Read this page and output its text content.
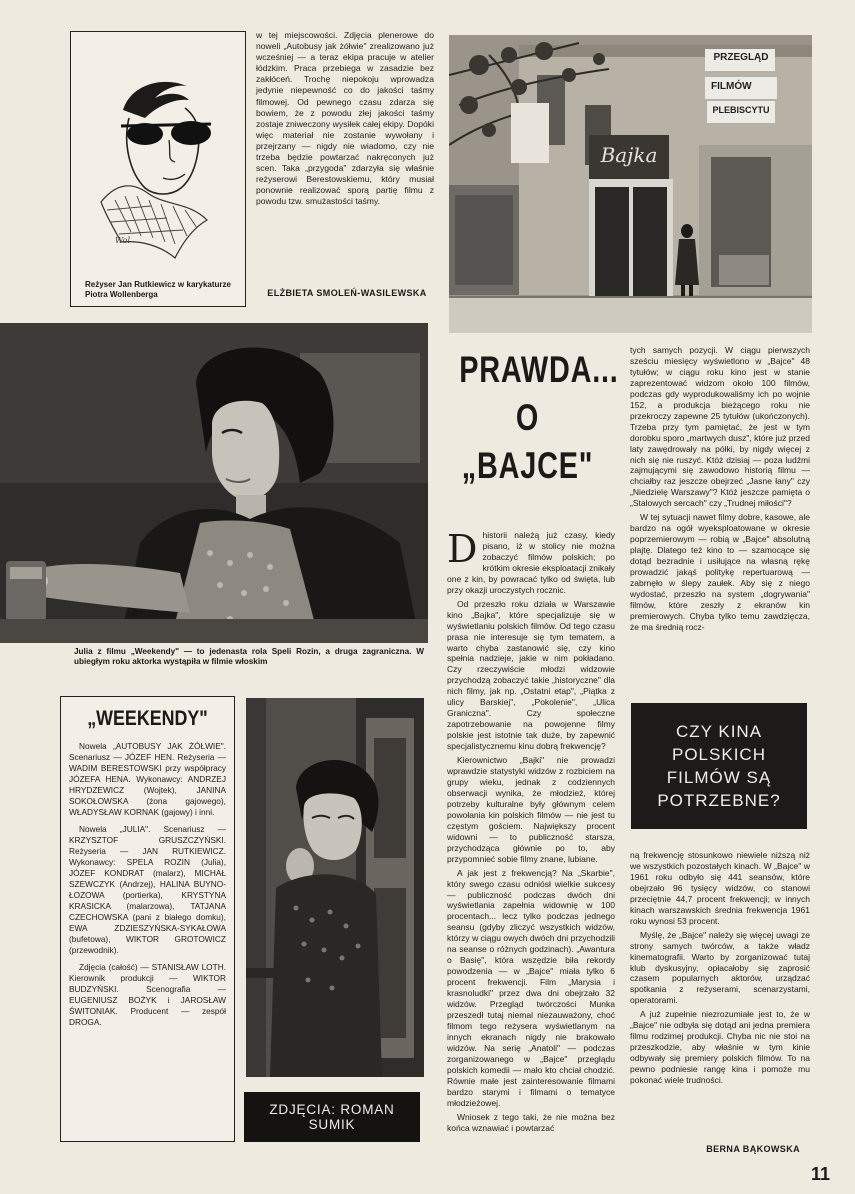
Wol
Reżyser Jan Rutkiewicz w karykaturze Piotra Wollenberga

w tej miejscowości. Zdjęcia plenerowe do noweli „Autobusy jak żółwie" zrealizowano już wcześniej — a teraz ekipa pracuje w atelier łódzkim. Praca przebiega w zasadzie bez zakłóceń. Trochę niepokoju wprowadza jedynie niepewność co do jakości taśmy filmowej. Od pewnego czasu zdarza się bowiem, że z powodu złej jakości taśmy zostaje zniweczony wysiłek całej ekipy. Dopóki więc materiał nie zostanie wywołany i przejrzany — nigdy nie wiadomo, czy nie trzeba będzie powtarzać nakręconych już scen. Taka „przygoda" zdarzyła się właśnie reżyserowi Berestowskiemu, który musiał ponownie realizować sporą partię filmu z powodu tzw. smużastości taśmy.

ELŻBIETA SMOLEŃ-WASILEWSKA
PRZEGLĄD
FILMÓW
PLEBISCYTU
Bajka
Julia z filmu „Weekendy" — to jedenasta rola Speli Rozin, a druga zagraniczna. W ubiegłym roku aktorka wystąpiła w filmie włoskim
„WEEKENDY"

Nowela „AUTOBUSY JAK ŻÓŁWIE". Scenariusz — JÓZEF HEN. Reżyseria — WADIM BERESTOWSKI przy współpracy JÓZEFA HENA. Wykonawcy: ANDRZEJ HRYDZEWICZ (Wojtek), JANINA SOKOŁOWSKA (żona gajowego), WŁADYSŁAW KORNAK (gajowy) i inni.

Nowela „JULIA". Scenariusz — KRZYSZTOF GRUSZCZYŃSKI. Reżyseria — JAN RUTKIEWICZ. Wykonawcy: SPELA ROZIN (Julia), JÓZEF KONDRAT (malarz), MICHAŁ SZEWCZYK (Andrzej), HALINA BUYNO-ŁOZOWA (portierka), KRYSTYNA KRASICKA (malarzowa), TATJANA CZECHOWSKA (pani z białego domku), EWA ZDZIESZYŃSKA-SYKAŁOWA (bufetowa), WIKTOR GROTOWICZ (przewodnik).

Zdjęcia (całość) — STANISŁAW LOTH. Kierownik produkcji — WIKTOR BUDZYŃSKI. Scenografia — EUGENIUSZ BOŻYK i JAROSŁAW ŚWITONIAK. Producent — zespół DROGA.

ZDJĘCIA: ROMAN SUMIK
PRAWDA...
O
„BAJCE"

Dhistorii należą już czasy, kiedy pisano, iż w stolicy nie można zobaczyć filmów polskich; po krótkim okresie eksploatacji znikały one z kin, by powracać tylko od święta, lub przy okazji uroczystych rocznic.

Od przeszło roku działa w Warszawie kino „Bajka", które specjalizuje się w wyświetlaniu polskich filmów. Od tego czasu prasa nie interesuje się tym tematem, a warto chyba zastanowić się, czy kino spełnia nadzieje, jakie w nim pokładano. Czy rzeczywiście młodzi widzowie przychodzą zobaczyć takie „historyczne" dla nich filmy, jak np. „Ostatni etap", „Piątka z ulicy Barskiej", „Pokolenie", „Ulica Graniczna". Czy społeczne zapotrzebowanie na powojenne filmy polskie jest istotnie tak duże, by zapewnić specjalistycznemu kinu dobrą frekwencję?

Kierownictwo „Bajki" nie prowadzi wprawdzie statystyki widzów z rozbiciem na grupy wieku, jednak z codziennych obserwacji wynika, że młodzież, której potrzeby kulturalne były głównym celem powołania kin polskich filmów — nie jest tu częstym gościem. Największy procent widowni — to publiczność starsza, przychodząca głównie po to, aby przypomnieć sobie filmy znane, lubiane.

A jak jest z frekwencją? Na „Skarbie", który swego czasu odniósł wielkie sukcesy — publiczność podczas dwóch dni wyświetlania zapełnia widownię w 100 procentach... lecz tylko podczas jednego seansu (gdyby zliczyć wszystkich widzów, którzy w ciągu owych dwóch dni przychodzili na seanse o różnych godzinach). „Awantura o Basię", która wszędzie biła rekordy powodzenia — w „Bajce" miała tylko 6 procent frekwencji. Film „Marysia i krasnoludki" przez dwa dni obejrzało 32 widzów. Przegląd twórczości Munka przeszedł tutaj niemal niezauważony, choć filmom tego reżysera wyświetlanym na innych ekranach nigdy nie brakowało widzów. Na serię „Anatoli" — podczas zorganizowanego w „Bajce" przeglądu polskich komedii — mało kto chciał chodzić. Równie małe jest zainteresowanie filmami bardzo starymi i filmami o tematyce młodzieżowej.

Wniosek z tego taki, że nie można bez końca wznawiać i powtarzać

tych samych pozycji. W ciągu pierwszych sześciu miesięcy wyświetlono w „Bajce" 48 tytułów; w ciągu roku kino jest w stanie zaprezentować widzom około 100 filmów, podczas gdy wyprodukowaliśmy ich po wojnie 152, a produkcja bieżącego roku nie przekroczy zapewne 25 tytułów (ukończonych). Trzeba przy tym pamiętać, że jest w tym dorobku sporo „martwych dusz", które już przed laty zawędrowały na półki, by nigdy więcej z nich się nie ruszyć. Któż dzisiaj — poza ludźmi zajmującymi się zawodowo historią filmu — chciałby raz jeszcze obejrzeć „Jasne łany" czy „Niedzielę Warszawy"? Któż jeszcze pamięta o „Stalowych sercach" czy „Trudnej miłości"?

W tej sytuacji nawet filmy dobre, kasowe, ale bardzo na ogół wyeksploatowane w okresie poprzemierowym — robią w „Bajce" absolutną plajtę. Dlatego też kino to — szamocące się dotąd bezradnie i usiłujące na własną rękę prowadzić jakąś politykę repertuarową — zabrnęło w ślepy zaułek. Aby się z niego wydostać, przeszło na system „dogrywania" filmów, które zeszły z ekranów kin premierowych. Chyba tylko temu zawdzięcza, że ma średnią rocz-

CZY KINA POLSKICH FILMÓW SĄ POTRZEBNE?

ną frekwencję stosunkowo niewiele niższą niż we wszystkich pozostałych kinach. W „Bajce" w 1961 roku odbyło się 441 seansów, które obejrzało 96 tysięcy widzów, co stanowi przeciętnie 44,7 procent frekwencji; w innych kinach warszawskich średnia frekwencja 1961 roku wynosi 53 procent.

Myślę, że „Bajce" należy się więcej uwagi ze strony samych twórców, a także władz kinematografii. Warto by zorganizować tutaj klub dyskusyjny, opłacałoby się zaprosić czasem popularnych aktorów, urządzać spotkania z reżyserami, scenarzystami, operatorami.

A już zupełnie niezrozumiałe jest to, że w „Bajce" nie odbyła się dotąd ani jedna premiera filmu rodzimej produkcji. Chyba nic nie stoi na przeszkodzie, aby właśnie w tym kinie odbywały się premiery polskich filmów. To na pewno podniesie rangę kina i pomoże mu pokonać wiele trudności.

BERNA BĄKOWSKA
11
